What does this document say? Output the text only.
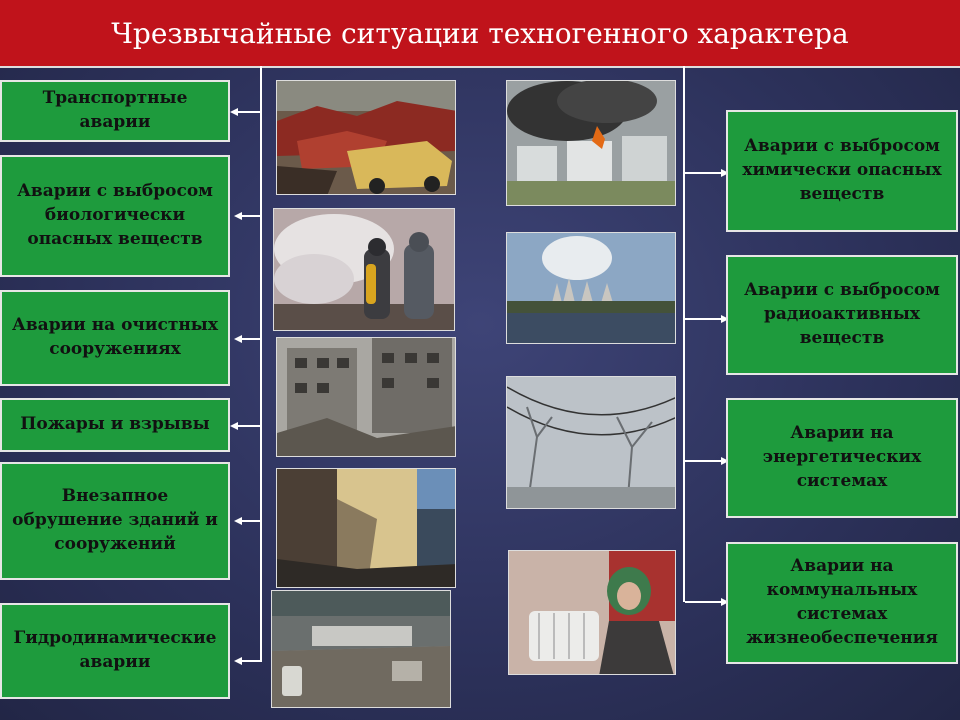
Чрезвычайные ситуации техногенного характера
Транспортные аварии
Аварии с выбросом биологически опасных веществ
Аварии на очистных сооружениях
Пожары и взрывы
Внезапное обрушение зданий и сооружений
Гидродинамические аварии
Аварии с выбросом химически опасных веществ
Аварии с выбросом радиоактивных веществ
Аварии на энергетических системах
Аварии на коммунальных системах жизнеобеспечения
